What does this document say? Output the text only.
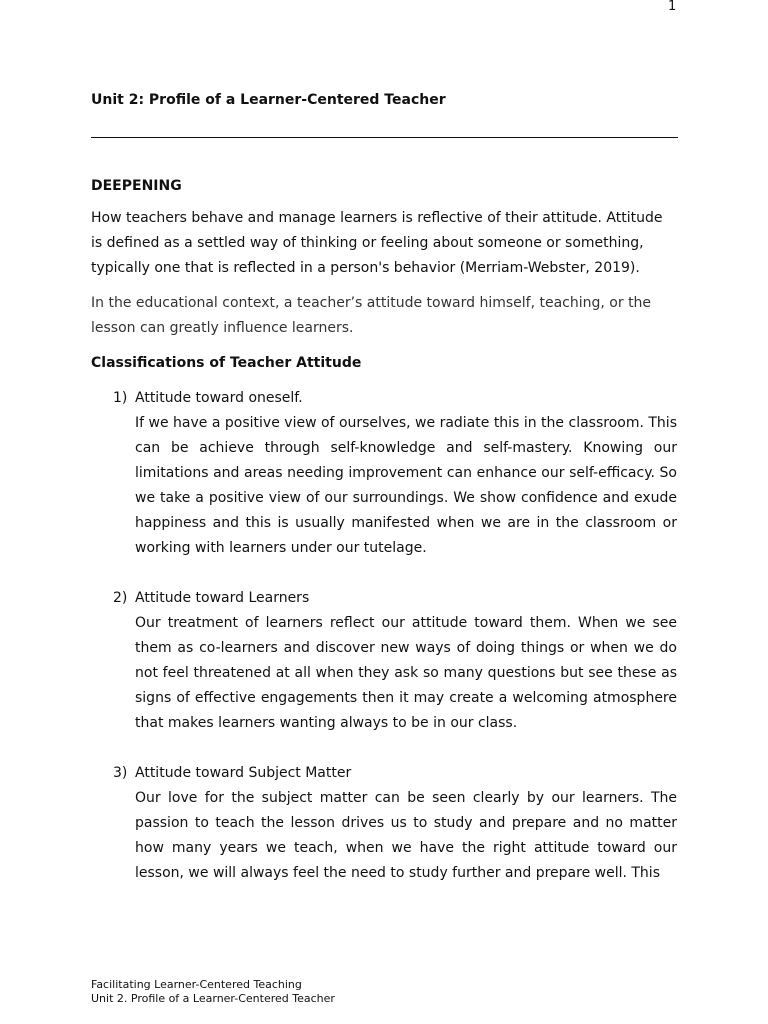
1
Unit 2: Profile of a Learner-Centered Teacher
DEEPENING

How teachers behave and manage learners is reflective of their attitude. Attitude is defined as a settled way of thinking or feeling about someone or something, typically one that is reflected in a person's behavior (Merriam-Webster, 2019).

In the educational context, a teacher’s attitude toward himself, teaching, or the lesson can greatly influence learners.

Classifications of Teacher Attitude
1) Attitude toward oneself.
If we have a positive view of ourselves, we radiate this in the classroom. This can be achieve through self-knowledge and self-mastery. Knowing our limitations and areas needing improvement can enhance our self-efficacy. So we take a positive view of our surroundings. We show confidence and exude happiness and this is usually manifested when we are in the classroom or working with learners under our tutelage.
2) Attitude toward Learners
Our treatment of learners reflect our attitude toward them. When we see them as co-learners and discover new ways of doing things or when we do not feel threatened at all when they ask so many questions but see these as signs of effective engagements then it may create a welcoming atmosphere that makes learners wanting always to be in our class.
3) Attitude toward Subject Matter
Our love for the subject matter can be seen clearly by our learners. The passion to teach the lesson drives us to study and prepare and no matter how many years we teach, when we have the right attitude toward our lesson, we will always feel the need to study further and prepare well. This
Facilitating Learner-Centered Teaching
Unit 2. Profile of a Learner-Centered Teacher
